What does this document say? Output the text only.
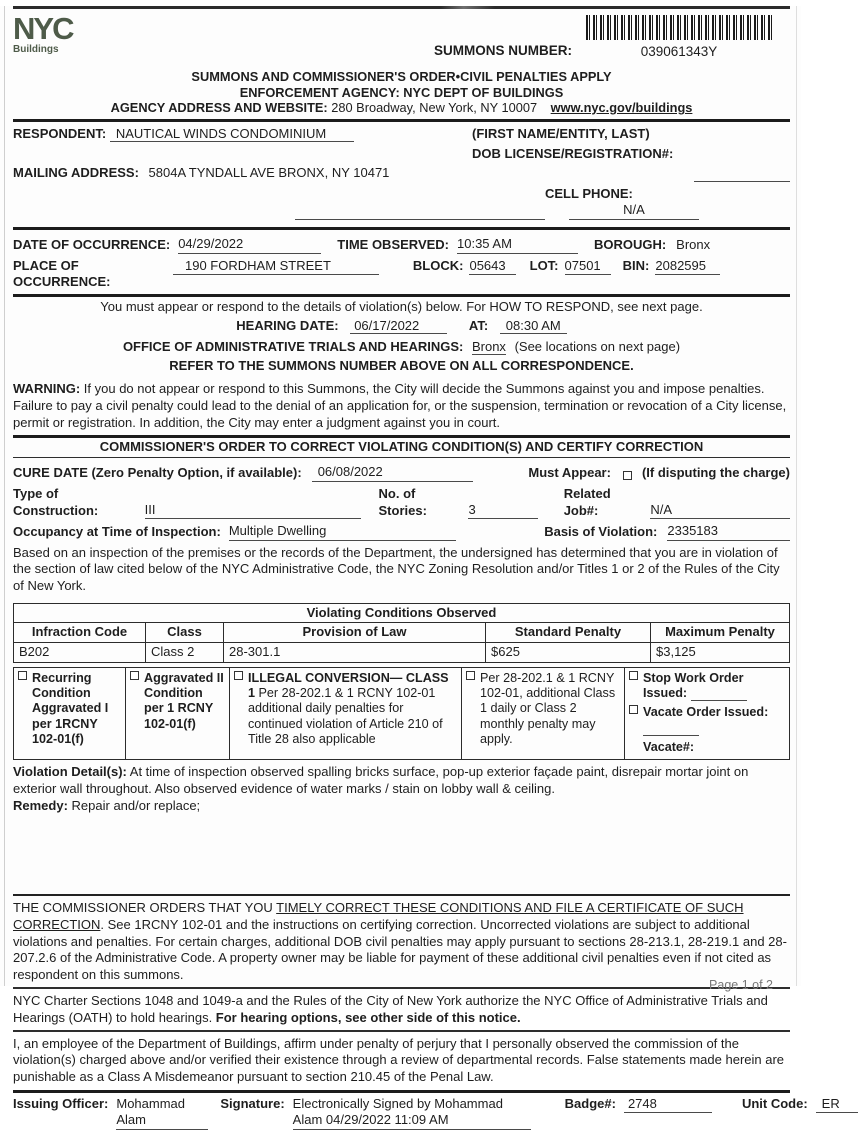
NYC
Buildings	SUMMONS NUMBER:	039061343Y
SUMMONS AND COMMISSIONER'S ORDER•CIVIL PENALTIES APPLY
ENFORCEMENT AGENCY: NYC DEPT OF BUILDINGS
AGENCY ADDRESS AND WEBSITE: 280 Broadway, New York, NY 10007 www.nyc.gov/buildings
RESPONDENT: NAUTICAL WINDS CONDOMINIUM	(FIRST NAME/ENTITY, LAST)
MAILING ADDRESS: 5804A TYNDALL AVE BRONX, NY 10471
DOB LICENSE/REGISTRATION#:
CELL PHONE: N/A
DATE OF OCCURRENCE: 04/29/2022	TIME OBSERVED: 10:35 AM	BOROUGH: Bronx
PLACE OF OCCURRENCE:
190 FORDHAM STREET	BLOCK: 05643	LOT: 07501	BIN: 2082595
You must appear or respond to the details of violation(s) below. For HOW TO RESPOND, see next page.
HEARING DATE: 06/17/2022	AT: 08:30 AM
OFFICE OF ADMINISTRATIVE TRIALS AND HEARINGS: Bronx (See locations on next page)
REFER TO THE SUMMONS NUMBER ABOVE ON ALL CORRESPONDENCE.

WARNING: If you do not appear or respond to this Summons, the City will decide the Summons against you and impose penalties. Failure to pay a civil penalty could lead to the denial of an application for, or the suspension, termination or revocation of a City license, permit or registration. In addition, the City may enter a judgment against you in court.

COMMISSIONER'S ORDER TO CORRECT VIOLATING CONDITION(S) AND CERTIFY CORRECTION
CURE DATE (Zero Penalty Option, if available):	06/08/2022	Must Appear: (If disputing the charge)
Type of Construction:	III
No. of Stories:	3
Related Job#:	N/A
Occupancy at Time of Inspection: Multiple Dwelling	Basis of Violation: 2335183

Based on an inspection of the premises or the records of the Department, the undersigned has determined that you are in violation of the section of law cited below of the NYC Administrative Code, the NYC Zoning Resolution and/or Titles 1 or 2 of the Rules of the City of New York.

Violating Conditions Observed				
Infraction Code	Class	Provision of Law	Standard Penalty	Maximum Penalty
B202	Class 2	28-301.1	$625	$3,125
Recurring Condition Aggravated I per 1RCNY 102-01(f)

Aggravated II Condition per 1 RCNY 102-01(f)

ILLEGAL CONVERSION— CLASS 1 Per 28-202.1 & 1 RCNY 102-01 additional daily penalties for continued violation of Article 210 of Title 28 also applicable

Per 28-202.1 & 1 RCNY 102-01, additional Class 1 daily or Class 2 monthly penalty may apply.

Stop Work Order Issued:
Vacate Order Issued:
Vacate#:

Violation Detail(s): At time of inspection observed spalling bricks surface, pop-up exterior façade paint, disrepair mortar joint on exterior wall throughout. Also observed evidence of water marks / stain on lobby wall & ceiling.
Remedy: Repair and/or replace;

THE COMMISSIONER ORDERS THAT YOU TIMELY CORRECT THESE CONDITIONS AND FILE A CERTIFICATE OF SUCH CORRECTION. See 1RCNY 102-01 and the instructions on certifying correction. Uncorrected violations are subject to additional violations and penalties. For certain charges, additional DOB civil penalties may apply pursuant to sections 28-213.1, 28-219.1 and 28-207.2.6 of the Administrative Code. A property owner may be liable for payment of these additional civil penalties even if not cited as respondent on this summons.

NYC Charter Sections 1048 and 1049-a and the Rules of the City of New York authorize the NYC Office of Administrative Trials and Hearings (OATH) to hold hearings. For hearing options, see other side of this notice.

I, an employee of the Department of Buildings, affirm under penalty of perjury that I personally observed the commission of the violation(s) charged above and/or verified their existence through a review of departmental records. False statements made herein are punishable as a Class A Misdemeanor pursuant to section 210.45 of the Penal Law.

Issuing Officer: Mohammad Alam
Signature: Electronically Signed by Mohammad Alam 04/29/2022 11:09 AM
Badge#: 2748	Unit Code:	ER
Page 1 of 2
